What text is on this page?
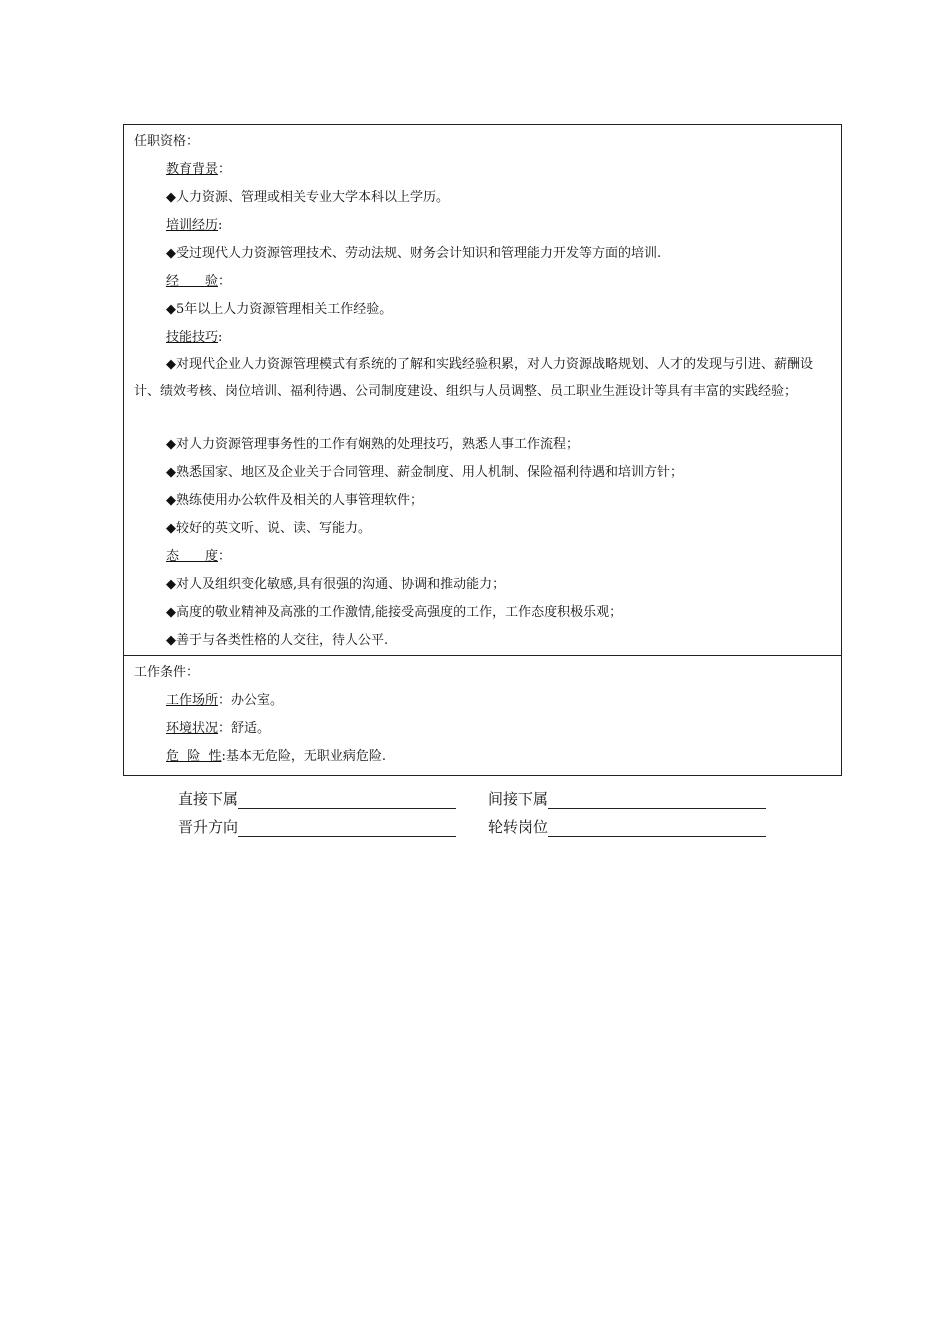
任职资格：
教育背景：
◆人力资源、管理或相关专业大学本科以上学历。
培训经历:
◆受过现代人力资源管理技术、劳动法规、财务会计知识和管理能力开发等方面的培训.
经　　验：
◆5年以上人力资源管理相关工作经验。
技能技巧:
◆对现代企业人力资源管理模式有系统的了解和实践经验积累，对人力资源战略规划、人才的发现与引进、薪酬设计、绩效考核、岗位培训、福利待遇、公司制度建设、组织与人员调整、员工职业生涯设计等具有丰富的实践经验；
◆对人力资源管理事务性的工作有娴熟的处理技巧，熟悉人事工作流程；
◆熟悉国家、地区及企业关于合同管理、薪金制度、用人机制、保险福利待遇和培训方针；
◆熟练使用办公软件及相关的人事管理软件；
◆较好的英文听、说、读、写能力。
态　　度：
◆对人及组织变化敏感,具有很强的沟通、协调和推动能力；
◆高度的敬业精神及高涨的工作激情,能接受高强度的工作，工作态度积极乐观；
◆善于与各类性格的人交往，待人公平.
工作条件：
工作场所：办公室。
环境状况：舒适。
危  险  性:基本无危险，无职业病危险.
直接下属	间接下属
晋升方向	轮转岗位
